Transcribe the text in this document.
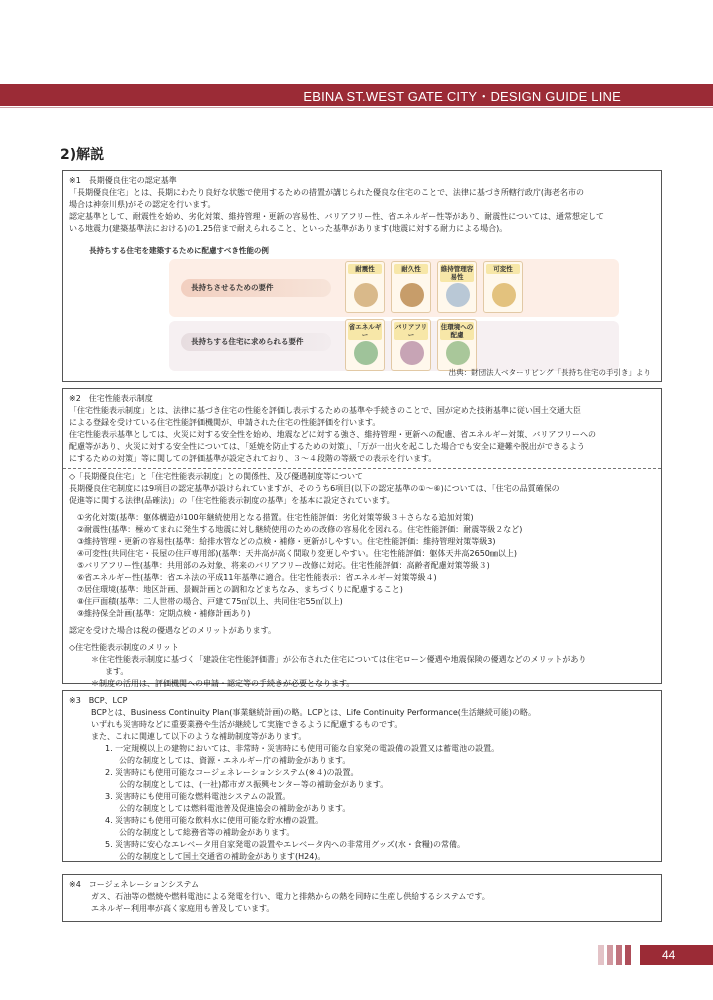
EBINA ST.WEST GATE CITY・DESIGN GUIDE LINE
2)解説

※1　長期優良住宅の認定基準

「長期優良住宅」とは、長期にわたり良好な状態で使用するための措置が講じられた優良な住宅のことで、法律に基づき所轄行政庁(海老名市の

場合は神奈川県)がその認定を行います。

認定基準として、耐震性を始め、劣化対策、維持管理・更新の容易性、バリアフリー性、省エネルギー性等があり、耐震性については、通常想定して

いる地震力(建築基準法における)の1.25倍まで耐えられること、といった基準があります(地震に対する耐力による場合)。

長持ちする住宅を建築するために配慮すべき性能の例
長持ちさせるための要件
長持ちする住宅に求められる要件
耐震性	耐久性	維持管理容易性
可変性
省エネルギー
バリアフリー
住環境への配慮
出典：財団法人ベターリビング「長持ち住宅の手引き」より

※2　住宅性能表示制度

「住宅性能表示制度」とは、法律に基づき住宅の性能を評価し表示するための基準や手続きのことで、国が定めた技術基準に従い国土交通大臣

による登録を受けている住宅性能評価機関が、申請された住宅の性能評価を行います。

住宅性能表示基準としては、火災に対する安全性を始め、地震などに対する強さ、維持管理・更新への配慮、省エネルギー対策、バリアフリーへの

配慮等があり、火災に対する安全性については、「延焼を防止するための対策」、「万が一出火を起こした場合でも安全に避難や脱出ができるよう

にするための対策」等に関しての評価基準が設定されており、３～４段階の等級での表示を行います。

◇「長期優良住宅」と「住宅性能表示制度」との関係性、及び優遇制度等について

長期優良住宅制度には9項目の認定基準が設けられていますが、そのうち6項目(以下の認定基準の①～⑥)については、「住宅の品質確保の

促進等に関する法律(品確法)」の「住宅性能表示制度の基準」を基本に設定されています。

①劣化対策(基準：躯体構造が100年継続使用となる措置。住宅性能評価：劣化対策等級３＋さらなる追加対策)

②耐震性(基準：極めてまれに発生する地震に対し継続使用のための改修の容易化を図れる。住宅性能評価：耐震等級２など)

③維持管理・更新の容易性(基準：給排水管などの点検・補修・更新がしやすい。住宅性能評価：維持管理対策等級3)

④可変性(共同住宅・長屋の住戸専用部)(基準：天井高が高く間取り変更しやすい。住宅性能評価：躯体天井高2650㎜以上)

⑤バリアフリー性(基準：共用部のみ対象、将来のバリアフリー改修に対応。住宅性能評価：高齢者配慮対策等級３)

⑥省エネルギー性(基準：省エネ法の平成11年基準に適合。住宅性能表示：省エネルギー対策等級４)

⑦居住環境(基準：地区計画、景観計画との調和などまちなみ、まちづくりに配慮すること)

⑧住戸面積(基準：二人世帯の場合、戸建て75㎡以上、共同住宅55㎡以上)

⑨維持保全計画(基準：定期点検・補修計画あり)

認定を受けた場合は税の優遇などのメリットがあります。

◇住宅性能表示制度のメリット

＊住宅性能表示制度に基づく「建設住宅性能評価書」が公布された住宅については住宅ローン優遇や地震保険の優遇などのメリットがあり

ます。

＊制度の活用は、評価機関への申請・認定等の手続きが必要となります。

※3　BCP、LCP

BCPとは、Business Continuity Plan(事業継続計画)の略。LCPとは、Life Continuity Performance(生活継続可能)の略。

いずれも災害時などに重要業務や生活が継続して実施できるように配慮するものです。

また、これに関連して以下のような補助制度等があります。

1. 一定規模以上の建物においては、非常時・災害時にも使用可能な自家発の電設備の設置又は蓄電池の設置。

公的な制度としては、資源・エネルギー庁の補助金があります。

2. 災害時にも使用可能なコージェネレーションシステム(※４)の設置。

公的な制度としては、(一社)都市ガス振興センター等の補助金があります。

3. 災害時にも使用可能な燃料電池システムの設置。

公的な制度としては燃料電池普及促進協会の補助金があります。

4. 災害時にも使用可能な飲料水に使用可能な貯水槽の設置。

公的な制度として総務省等の補助金があります。

5. 災害時に安心なエレベータ用自家発電の設置やエレベータ内への非常用グッズ(水・食糧)の常備。

公的な制度として国土交通省の補助金があります(H24)。

※4　コージェネレーションシステム

ガス、石油等の燃焼や燃料電池による発電を行い、電力と排熱からの熱を同時に生産し供給するシステムです。

エネルギー利用率が高く家庭用も普及しています。

44
